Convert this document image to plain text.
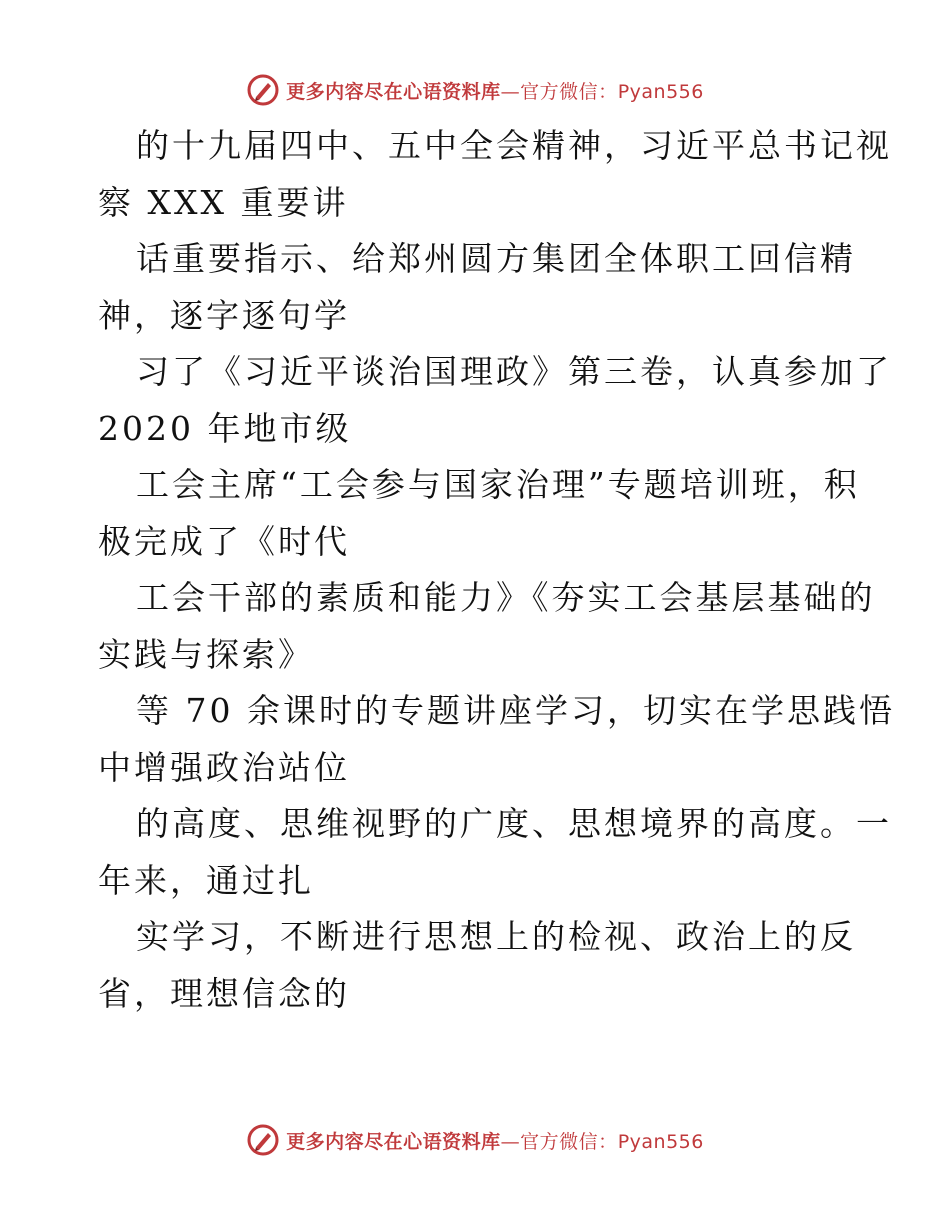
更多内容尽在心语资料库—官方微信：Pyan556
的十九届四中、五中全会精神，习近平总书记视
察 XXX 重要讲
话重要指示、给郑州圆方集团全体职工回信精
神，逐字逐句学
习了《习近平谈治国理政》第三卷，认真参加了
2020 年地市级
工会主席“工会参与国家治理”专题培训班，积
极完成了《时代
工会干部的素质和能力》《夯实工会基层基础的
实践与探索》
等 70 余课时的专题讲座学习，切实在学思践悟
中增强政治站位
的高度、思维视野的广度、思想境界的高度。一
年来，通过扎
实学习，不断进行思想上的检视、政治上的反
省，理想信念的
更多内容尽在心语资料库—官方微信：Pyan556
